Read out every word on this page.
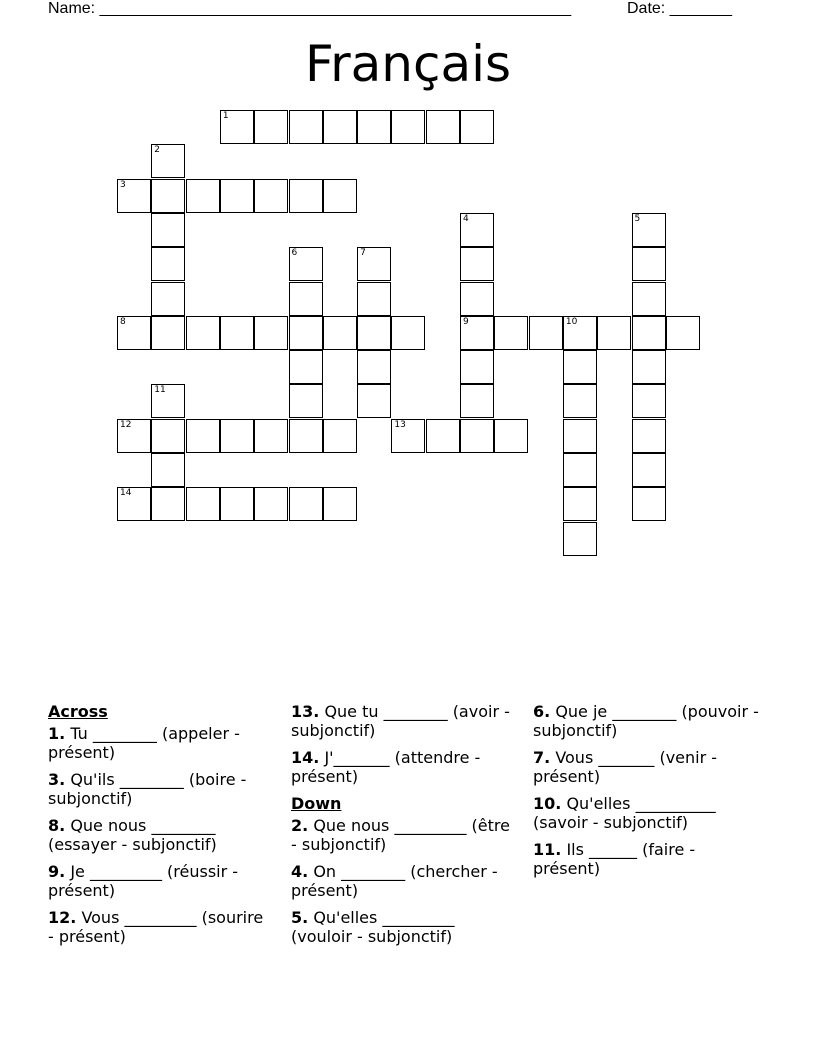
Name: _____________________________________________________	Date: _______
Français
1
2
3
4
9
5
6	7
8	10
11
12	13
14
Across
1. Tu ________ (appeler - présent)
3. Qu'ils ________ (boire - subjonctif)
8. Que nous ________ (essayer - subjonctif)
9. Je _________ (réussir - présent)
12. Vous _________ (sourire - présent)
13. Que tu ________ (avoir - subjonctif)
14. J'_______ (attendre - présent)
Down
2. Que nous _________ (être - subjonctif)
4. On ________ (chercher - présent)
5. Qu'elles _________ (vouloir - subjonctif)
6. Que je ________ (pouvoir - subjonctif)
7. Vous _______ (venir - présent)
10. Qu'elles __________ (savoir - subjonctif)
11. Ils ______ (faire - présent)
